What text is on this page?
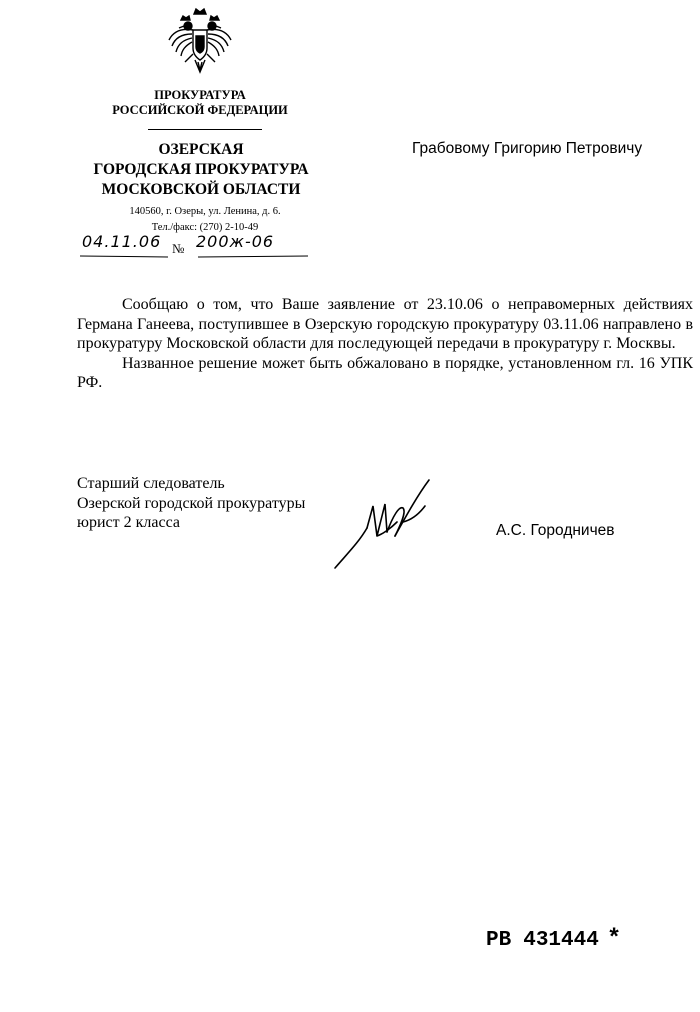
ПРОКУРАТУРА
РОССИЙСКОЙ ФЕДЕРАЦИИ
ОЗЕРСКАЯ
ГОРОДСКАЯ ПРОКУРАТУРА
МОСКОВСКОЙ ОБЛАСТИ
140560, г. Озеры, ул. Ленина, д. 6.
Тел./факс: (270) 2-10-49
04.11.06 № 200ж-06
Грабовому Григорию Петровичу

Сообщаю о том, что Ваше заявление от 23.10.06 о неправомерных действиях Германа Ганеева, поступившее в Озерскую городскую прокуратуру 03.11.06 направлено в прокуратуру Московской области для последующей передачи в прокуратуру г. Москвы.

Названное решение может быть обжаловано в порядке, установленном гл. 16 УПК РФ.

Старший следователь
Озерской городской прокуратуры
юрист 2 класса	А.С. Городничев
РВ 431444 *
